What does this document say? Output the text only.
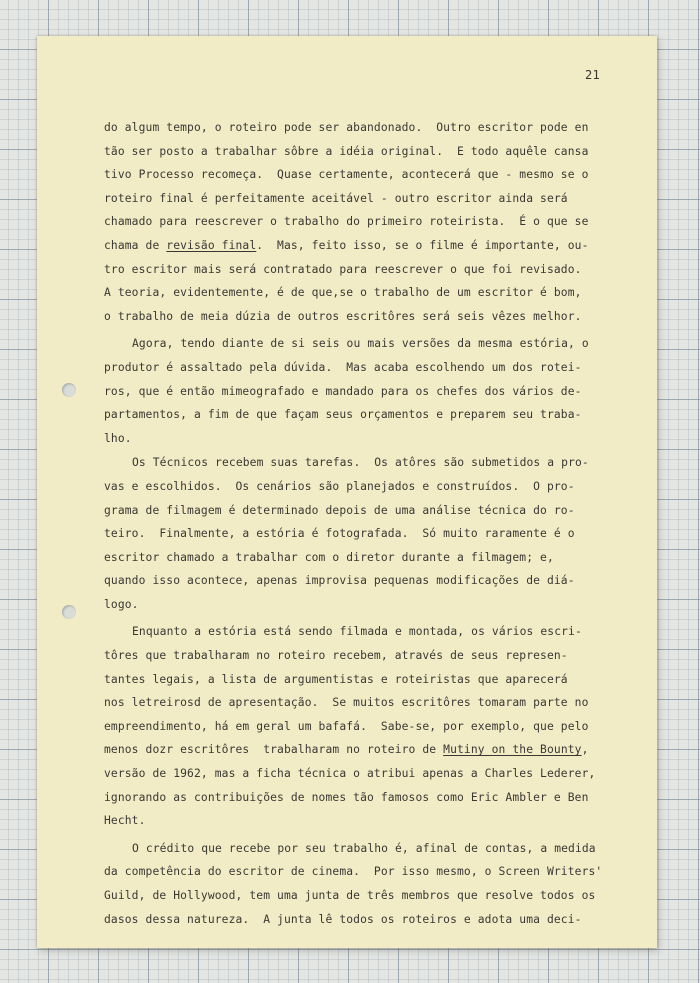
21
do algum tempo, o roteiro pode ser abandonado.  Outro escritor pode en
tão ser posto a trabalhar sôbre a idéia original.  E todo aquêle cansa
tivo Processo recomeça.  Quase certamente, acontecerá que - mesmo se o
roteiro final é perfeitamente aceitável - outro escritor ainda será
chamado para reescrever o trabalho do primeiro roteirista.  É o que se
chama de revisão final.  Mas, feito isso, se o filme é importante, ou-
tro escritor mais será contratado para reescrever o que foi revisado.
A teoria, evidentemente, é de que,se o trabalho de um escritor é bom,
o trabalho de meia dúzia de outros escritôres será seis vêzes melhor.
Agora, tendo diante de si seis ou mais versões da mesma estória, o
produtor é assaltado pela dúvida.  Mas acaba escolhendo um dos rotei-
ros, que é então mimeografado e mandado para os chefes dos vários de-
partamentos, a fim de que façam seus orçamentos e preparem seu traba-
lho.
Os Técnicos recebem suas tarefas.  Os atôres são submetidos a pro-
vas e escolhidos.  Os cenários são planejados e construídos.  O pro-
grama de filmagem é determinado depois de uma análise técnica do ro-
teiro.  Finalmente, a estória é fotografada.  Só muito raramente é o
escritor chamado a trabalhar com o diretor durante a filmagem; e,
quando isso acontece, apenas improvisa pequenas modificações de diá-
logo.
Enquanto a estória está sendo filmada e montada, os vários escri-
tôres que trabalharam no roteiro recebem, através de seus represen-
tantes legais, a lista de argumentistas e roteiristas que aparecerá
nos letreirosd de apresentação.  Se muitos escritôres tomaram parte no
empreendimento, há em geral um bafafá.  Sabe-se, por exemplo, que pelo
menos dozr escritôres  trabalharam no roteiro de Mutiny on the Bounty,
versão de 1962, mas a ficha técnica o atribui apenas a Charles Lederer,
ignorando as contribuições de nomes tão famosos como Eric Ambler e Ben
Hecht.
O crédito que recebe por seu trabalho é, afinal de contas, a medida
da competência do escritor de cinema.  Por isso mesmo, o Screen Writers'
Guild, de Hollywood, tem uma junta de três membros que resolve todos os
dasos dessa natureza.  A junta lê todos os roteiros e adota uma deci-
